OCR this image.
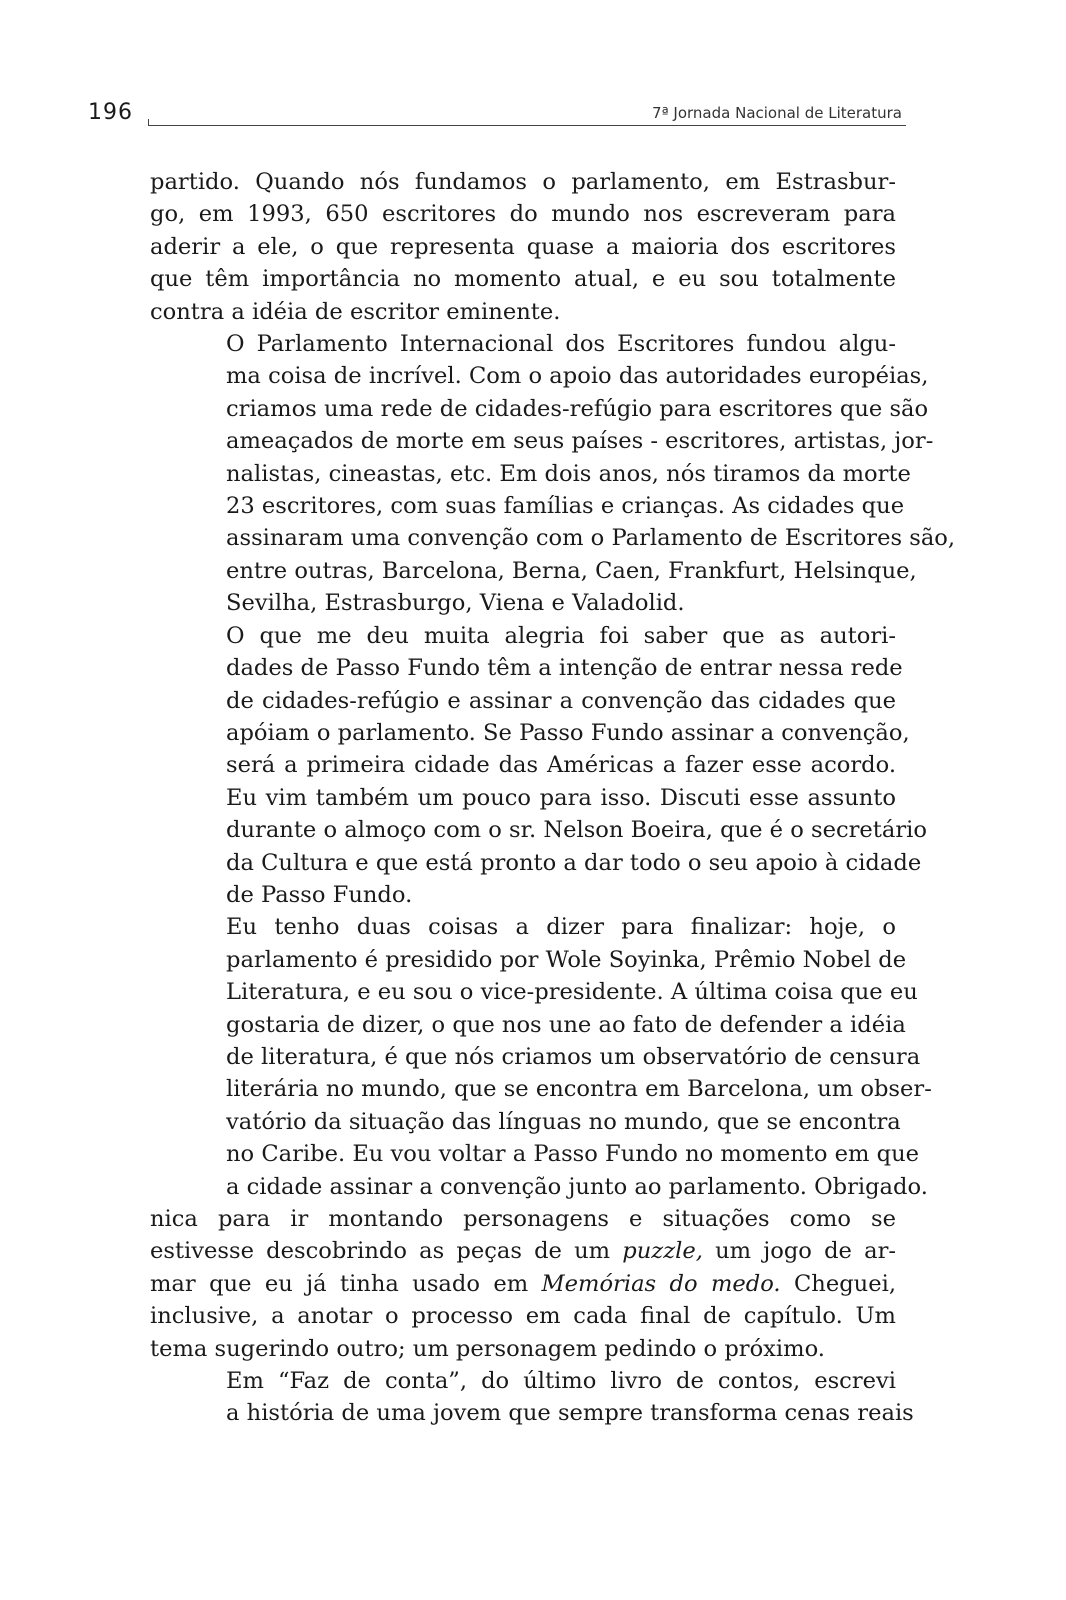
196	7ª Jornada Nacional de Literatura
partido. Quando nós fundamos o parlamento, em Estrasbur-
go, em 1993, 650 escritores do mundo nos escreveram para
aderir a ele, o que representa quase a maioria dos escritores
que têm importância no momento atual, e eu sou totalmente
contra a idéia de escritor eminente.
O Parlamento Internacional dos Escritores fundou algu-
ma coisa de incrível. Com o apoio das autoridades européias,
criamos uma rede de cidades-refúgio para escritores que são
ameaçados de morte em seus países - escritores, artistas, jor-
nalistas, cineastas, etc. Em dois anos, nós tiramos da morte
23 escritores, com suas famílias e crianças. As cidades que
assinaram uma convenção com o Parlamento de Escritores são,
entre outras, Barcelona, Berna, Caen, Frankfurt, Helsinque,
Sevilha, Estrasburgo, Viena e Valadolid.
O que me deu muita alegria foi saber que as autori-
dades de Passo Fundo têm a intenção de entrar nessa rede
de cidades-refúgio e assinar a convenção das cidades que
apóiam o parlamento. Se Passo Fundo assinar a convenção,
será a primeira cidade das Américas a fazer esse acordo.
Eu vim também um pouco para isso. Discuti esse assunto
durante o almoço com o sr. Nelson Boeira, que é o secretário
da Cultura e que está pronto a dar todo o seu apoio à cidade
de Passo Fundo.
Eu tenho duas coisas a dizer para finalizar: hoje, o
parlamento é presidido por Wole Soyinka, Prêmio Nobel de
Literatura, e eu sou o vice-presidente. A última coisa que eu
gostaria de dizer, o que nos une ao fato de defender a idéia
de literatura, é que nós criamos um observatório de censura
literária no mundo, que se encontra em Barcelona, um obser-
vatório da situação das línguas no mundo, que se encontra
no Caribe. Eu vou voltar a Passo Fundo no momento em que
a cidade assinar a convenção junto ao parlamento. Obrigado.
nica para ir montando personagens e situações como se
estivesse descobrindo as peças de um puzzle, um jogo de ar-
mar que eu já tinha usado em Memórias do medo. Cheguei,
inclusive, a anotar o processo em cada final de capítulo. Um
tema sugerindo outro; um personagem pedindo o próximo.
Em “Faz de conta”, do último livro de contos, escrevi
a história de uma jovem que sempre transforma cenas reais
